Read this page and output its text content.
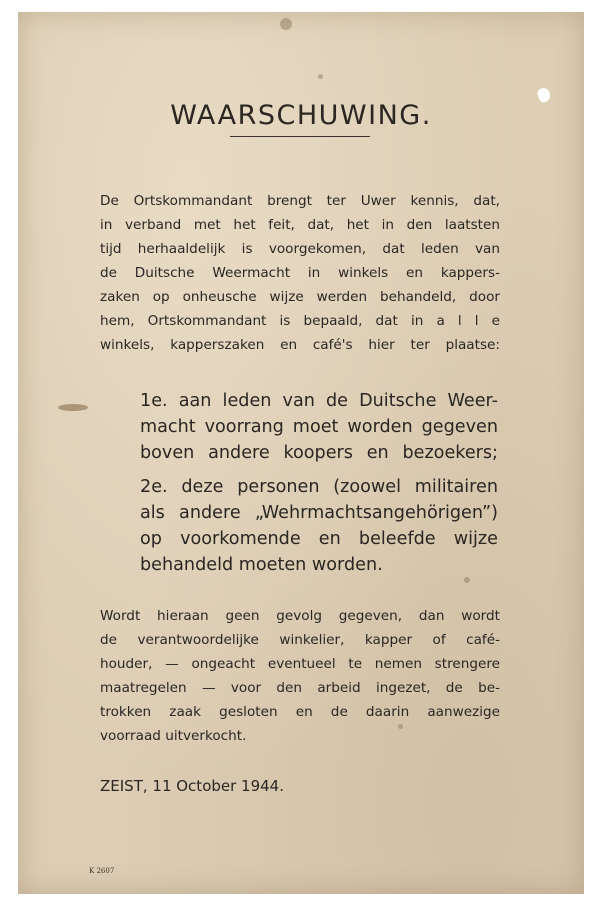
WAARSCHUWING.

De Ortskommandant brengt ter Uwer kennis, dat,
in verband met het feit, dat, het in den laatsten
tijd herhaaldelijk is voorgekomen, dat leden van
de Duitsche Weermacht in winkels en kappers-
zaken op onheusche wijze werden behandeld, door
hem, Ortskommandant is bepaald, dat in a l l e
winkels, kapperszaken en café's hier ter plaatse:

1e. aan leden van de Duitsche Weer-
macht voorrang moet worden gegeven
boven andere koopers en bezoekers;

2e. deze personen (zoowel militairen
als andere „Wehrmachtsangehörigen”)
op voorkomende en beleefde wijze
behandeld moeten worden.

Wordt hieraan geen gevolg gegeven, dan wordt
de verantwoordelijke winkelier, kapper of café-
houder, — ongeacht eventueel te nemen strengere
maatregelen — voor den arbeid ingezet, de be-
trokken zaak gesloten en de daarin aanwezige
voorraad uitverkocht.

ZEIST, 11 October 1944.

K 2607
